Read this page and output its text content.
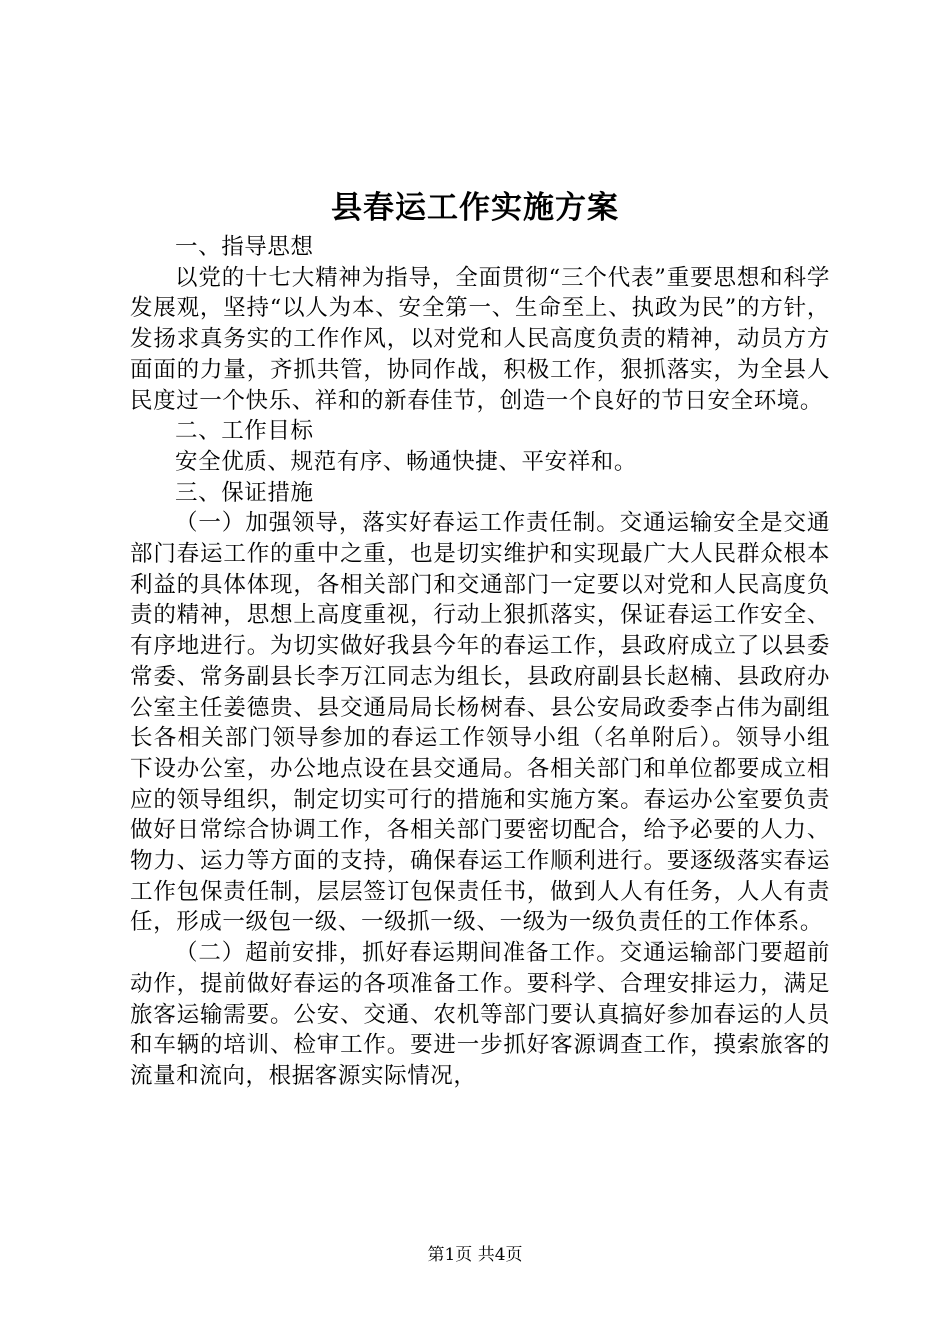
县春运工作实施方案

一、指导思想

以党的十七大精神为指导，全面贯彻“三个代表”重要思想和科学发展观，坚持“以人为本、安全第一、生命至上、执政为民”的方针，发扬求真务实的工作作风，以对党和人民高度负责的精神，动员方方面面的力量，齐抓共管，协同作战，积极工作，狠抓落实，为全县人民度过一个快乐、祥和的新春佳节，创造一个良好的节日安全环境。

二、工作目标

安全优质、规范有序、畅通快捷、平安祥和。

三、保证措施

（一）加强领导，落实好春运工作责任制。交通运输安全是交通部门春运工作的重中之重，也是切实维护和实现最广大人民群众根本利益的具体体现，各相关部门和交通部门一定要以对党和人民高度负责的精神，思想上高度重视，行动上狠抓落实，保证春运工作安全、有序地进行。为切实做好我县今年的春运工作，县政府成立了以县委常委、常务副县长李万江同志为组长，县政府副县长赵楠、县政府办公室主任姜德贵、县交通局局长杨树春、县公安局政委李占伟为副组长各相关部门领导参加的春运工作领导小组（名单附后）。领导小组下设办公室，办公地点设在县交通局。各相关部门和单位都要成立相应的领导组织，制定切实可行的措施和实施方案。春运办公室要负责做好日常综合协调工作，各相关部门要密切配合，给予必要的人力、物力、运力等方面的支持，确保春运工作顺利进行。要逐级落实春运工作包保责任制，层层签订包保责任书，做到人人有任务，人人有责任，形成一级包一级、一级抓一级、一级为一级负责任的工作体系。

（二）超前安排，抓好春运期间准备工作。交通运输部门要超前动作，提前做好春运的各项准备工作。要科学、合理安排运力，满足旅客运输需要。公安、交通、农机等部门要认真搞好参加春运的人员和车辆的培训、检审工作。要进一步抓好客源调查工作，摸索旅客的流量和流向，根据客源实际情况，

第1页 共4页
